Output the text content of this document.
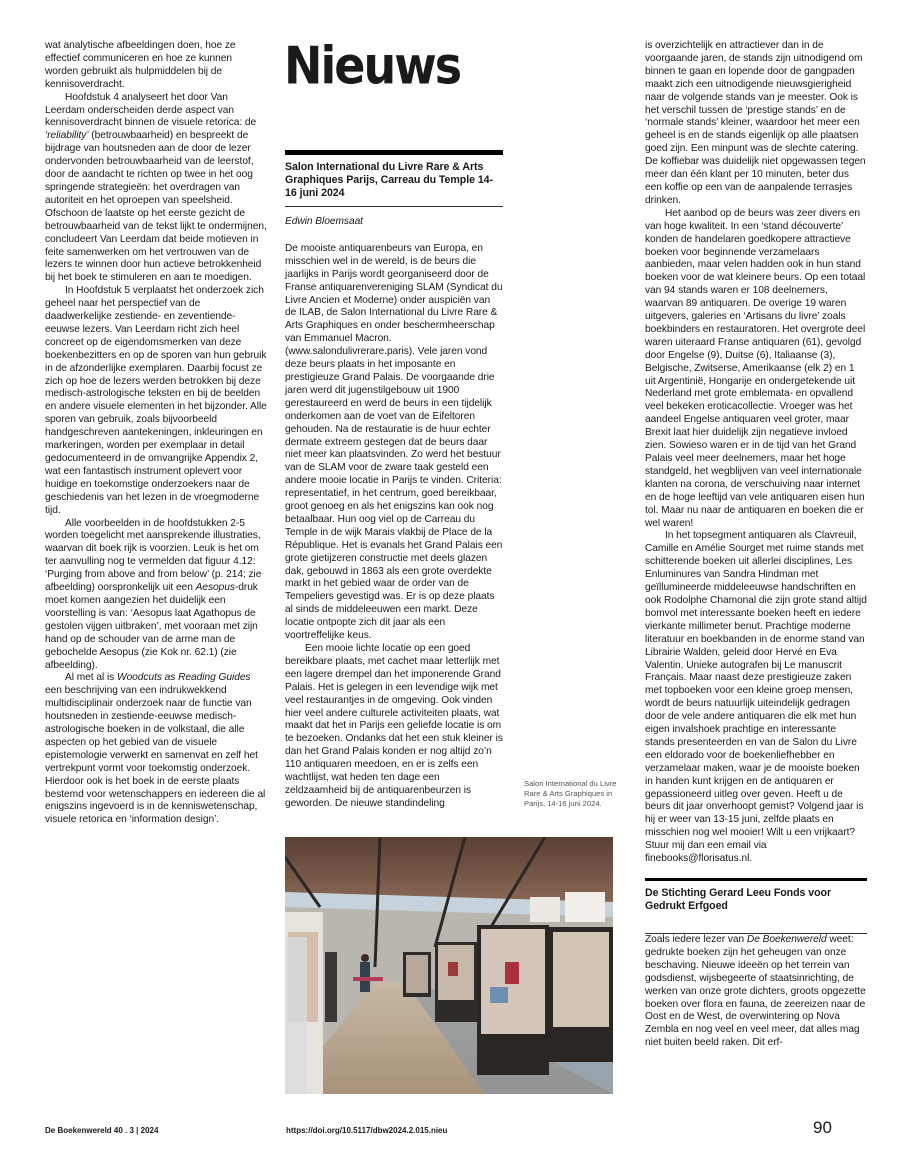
wat analytische afbeeldingen doen, hoe ze effectief communiceren en hoe ze kunnen worden gebruikt als hulpmiddelen bij de kennisoverdracht.

Hoofdstuk 4 analyseert het door Van Leerdam onderscheiden derde aspect van kennisoverdracht binnen de visuele retorica: de ‘reliability’ (betrouwbaarheid) en bespreekt de bijdrage van houtsneden aan de door de lezer ondervonden betrouwbaarheid van de leerstof, door de aandacht te richten op twee in het oog springende strategieën: het overdragen van autoriteit en het oproepen van speelsheid. Ofschoon de laatste op het eerste gezicht de betrouwbaarheid van de tekst lijkt te ondermijnen, concludeert Van Leerdam dat beide motieven in feite samenwerken om het vertrouwen van de lezers te winnen door hun actieve betrokkenheid bij het boek te stimuleren en aan te moedigen.

In Hoofdstuk 5 verplaatst het onderzoek zich geheel naar het perspectief van de daadwerkelijke zestiende- en zeventiende-eeuwse lezers. Van Leerdam richt zich heel concreet op de eigendomsmerken van deze boekenbezitters en op de sporen van hun gebruik in de afzonderlijke exemplaren. Daarbij focust ze zich op hoe de lezers werden betrokken bij deze medisch-astrologische teksten en bij de beelden en andere visuele elementen in het bijzonder. Alle sporen van gebruik, zoals bijvoorbeeld handgeschreven aantekeningen, inkleuringen en markeringen, worden per exemplaar in detail gedocumenteerd in de omvangrijke Appendix 2, wat een fantastisch instrument oplevert voor huidige en toekomstige onderzoekers naar de geschiedenis van het lezen in de vroegmoderne tijd.

Alle voorbeelden in de hoofdstukken 2-5 worden toegelicht met aansprekende illustraties, waarvan dit boek rijk is voorzien. Leuk is het om ter aanvulling nog te vermelden dat figuur 4.12: ‘Purging from above and from below’ (p. 214; zie afbeelding) oorspronkelijk uit een Aesopus-druk moet komen aangezien het duidelijk een voorstelling is van: ‘Aesopus laat Agathopus de gestolen vijgen uitbraken’, met vooraan met zijn hand op de schouder van de arme man de gebochelde Aesopus (zie Kok nr. 62.1) (zie afbeelding).

Al met al is Woodcuts as Reading Guides een beschrijving van een indrukwekkend multidisciplinair onderzoek naar de functie van houtsneden in zestiende-eeuwse medisch-astrologische boeken in de volkstaal, die alle aspecten op het gebied van de visuele epistemologie verwerkt en samenvat en zelf het vertrekpunt vormt voor toekomstig onderzoek. Hierdoor ook is het boek in de eerste plaats bestemd voor wetenschappers en iedereen die al enigszins ingevoerd is in de kenniswetenschap, visuele retorica en ‘information design’.

Nieuws
Salon International du Livre Rare & Arts Graphiques Parijs, Carreau du Temple 14-16 juni 2024
Edwin Bloemsaat

De mooiste antiquarenbeurs van Europa, en misschien wel in de wereld, is de beurs die jaarlijks in Parijs wordt georganiseerd door de Franse antiquarenvereniging SLAM (Syndicat du Livre Ancien et Moderne) onder auspiciën van de ILAB, de Salon International du Livre Rare & Arts Graphiques en onder beschermheerschap van Emmanuel Macron. (www.salondulivrerare.paris). Vele jaren vond deze beurs plaats in het imposante en prestigieuze Grand Palais. De voorgaande drie jaren werd dit jugenstilgebouw uit 1900 gerestaureerd en werd de beurs in een tijdelijk onderkomen aan de voet van de Eifeltoren gehouden. Na de restauratie is de huur echter dermate extreem gestegen dat de beurs daar niet meer kan plaatsvinden. Zo werd het bestuur van de SLAM voor de zware taak gesteld een andere mooie locatie in Parijs te vinden. Criteria: representatief, in het centrum, goed bereikbaar, groot genoeg en als het enigszins kan ook nog betaalbaar. Hun oog viel op de Carreau du Temple in de wijk Marais vlakbij de Place de la République. Het is evanals het Grand Palais een grote gietijzeren constructie met deels glazen dak, gebouwd in 1863 als een grote overdekte markt in het gebied waar de order van de Tempeliers gevestigd was. Er is op deze plaats al sinds de middeleeuwen een markt. Deze locatie ontpopte zich dit jaar als een voortreffelijke keus.

Een mooie lichte locatie op een goed bereikbare plaats, met cachet maar letterlijk met een lagere drempel dan het imponerende Grand Palais. Het is gelegen in een levendige wijk met veel restaurantjes in de omgeving. Ook vinden hier veel andere culturele activiteiten plaats, wat maakt dat het in Parijs een geliefde locatie is om te bezoeken. Ondanks dat het een stuk kleiner is dan het Grand Palais konden er nog altijd zo’n 110 antiquaren meedoen, en er is zelfs een wachtlijst, wat heden ten dage een zeldzaamheid bij de antiquarenbeurzen is geworden. De nieuwe standindeling

Salon International du Livre Rare & Arts Graphiques in Parijs, 14-16 juni 2024.

is overzichtelijk en attractiever dan in de voorgaande jaren, de stands zijn uitnodigend om binnen te gaan en lopende door de gangpaden maakt zich een uitnodigende nieuwsgierigheid naar de volgende stands van je meester. Ook is het verschil tussen de ‘prestige stands’ en de ‘normale stands’ kleiner, waardoor het meer een geheel is en de stands eigenlijk op alle plaatsen goed zijn. Een minpunt was de slechte catering. De koffiebar was duidelijk niet opgewassen tegen meer dan één klant per 10 minuten, beter dus een koffie op een van de aanpalende terrasjes drinken.

Het aanbod op de beurs was zeer divers en van hoge kwaliteit. In een ‘stand découverte’ konden de handelaren goedkopere attractieve boeken voor beginnende verzamelaars aanbieden, maar velen hadden ook in hun stand boeken voor de wat kleinere beurs. Op een totaal van 94 stands waren er 108 deelnemers, waarvan 89 antiquaren. De overige 19 waren uitgevers, galeries en ‘Artisans du livre’ zoals boekbinders en restauratoren. Het overgrote deel waren uiteraard Franse antiquaren (61), gevolgd door Engelse (9), Duitse (6), Italiaanse (3), Belgische, Zwitserse, Amerikaanse (elk 2) en 1 uit Argentinië, Hongarije en ondergetekende uit Nederland met grote emblemata- en opvallend veel bekeken eroticacollectie. Vroeger was het aandeel Engelse antiquaren veel groter, maar Brexit laat hier duidelijk zijn negatieve invloed zien. Sowieso waren er in de tijd van het Grand Palais veel meer deelnemers, maar het hoge standgeld, het wegblijven van veel internationale klanten na corona, de verschuiving naar internet en de hoge leeftijd van vele antiquaren eisen hun tol. Maar nu naar de antiquaren en boeken die er wel waren!

In het topsegment antiquaren als Clavreuil, Camille en Amélie Sourget met ruime stands met schitterende boeken uit allerlei disciplines, Les Enluminures van Sandra Hindman met geïllumineerde middeleeuwse handschriften en ook Rodolphe Chamonal die zijn grote stand altijd bomvol met interessante boeken heeft en iedere vierkante millimeter benut. Prachtige moderne literatuur en boekbanden in de enorme stand van Librairie Walden, geleid door Hervé en Eva Valentin. Unieke autografen bij Le manuscrit Français. Maar naast deze prestigieuze zaken met topboeken voor een kleine groep mensen, wordt de beurs natuurlijk uiteindelijk gedragen door de vele andere antiquaren die elk met hun eigen invalshoek prachtige en interessante stands presenteerden en van de Salon du Livre een eldorado voor de boekenliefhebber en verzamelaar maken, waar je de mooiste boeken in handen kunt krijgen en de antiquaren er gepassioneerd uitleg over geven. Heeft u de beurs dit jaar onverhoopt gemist? Volgend jaar is hij er weer van 13-15 juni, zelfde plaats en misschien nog wel mooier! Wilt u een vrijkaart? Stuur mij dan een email via finebooks@florisatus.nl.

De Stichting Gerard Leeu Fonds voor Gedrukt Erfgoed

Zoals iedere lezer van De Boekenwereld weet: gedrukte boeken zijn het geheugen van onze beschaving. Nieuwe ideeën op het terrein van godsdienst, wijsbegeerte of staatsinrichting, de werken van onze grote dichters, groots opgezette boeken over flora en fauna, de zeereizen naar de Oost en de West, de overwintering op Nova Zembla en nog veel en veel meer, dat alles mag niet buiten beeld raken. Dit erf-

De Boekenwereld 40 . 3 | 2024	https://doi.org/10.5117/dbw2024.2.015.nieu	90
